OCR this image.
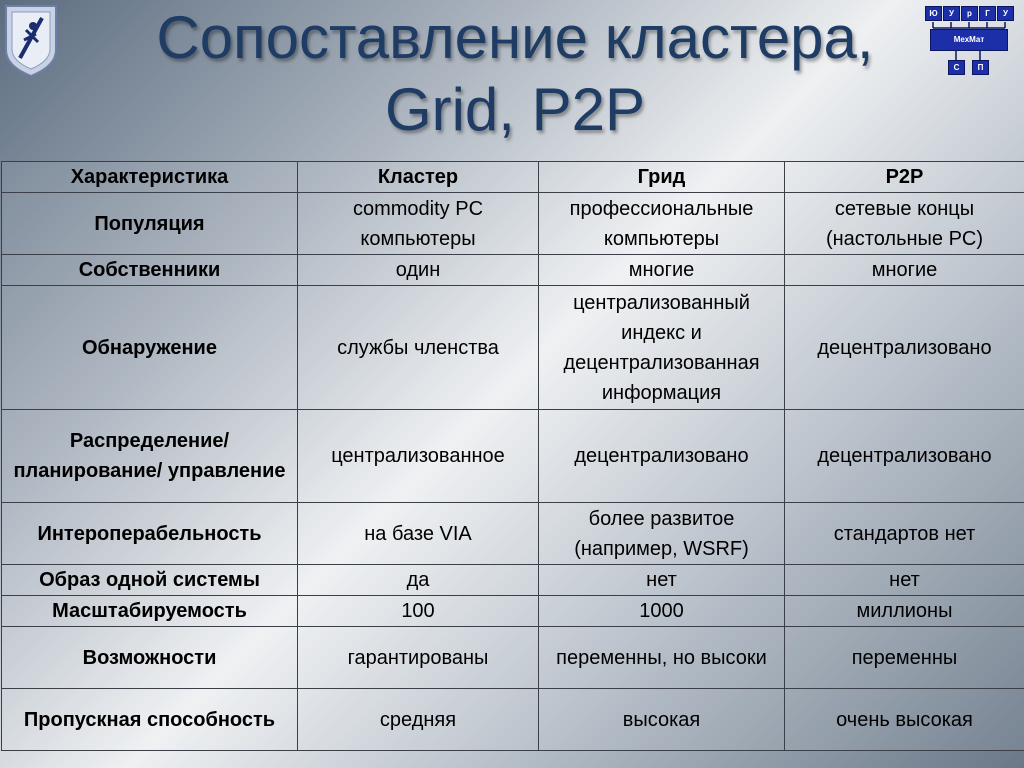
Ю	У	р	Г	У
МехМат
С	П
Сопоставление кластера,
Grid, P2P
Характеристика	Кластер	Грид	P2P
Популяция	commodity PC компьютеры	профессиональные компьютеры	сетевые концы (настольные PC)
Собственники	один	многие	многие
Обнаружение	службы членства	централизованный индекс и децентрализованная информация	децентрализовано
Распределение/ планирование/ управление	централизованное	децентрализовано	децентрализовано
Интероперабельность	на базе VIA	более развитое (например, WSRF)	стандартов нет
Образ одной системы	да	нет	нет
Масштабируемость	100	1000	миллионы
Возможности	гарантированы	переменны, но высоки	переменны
Пропускная способность	средняя	высокая	очень высокая
